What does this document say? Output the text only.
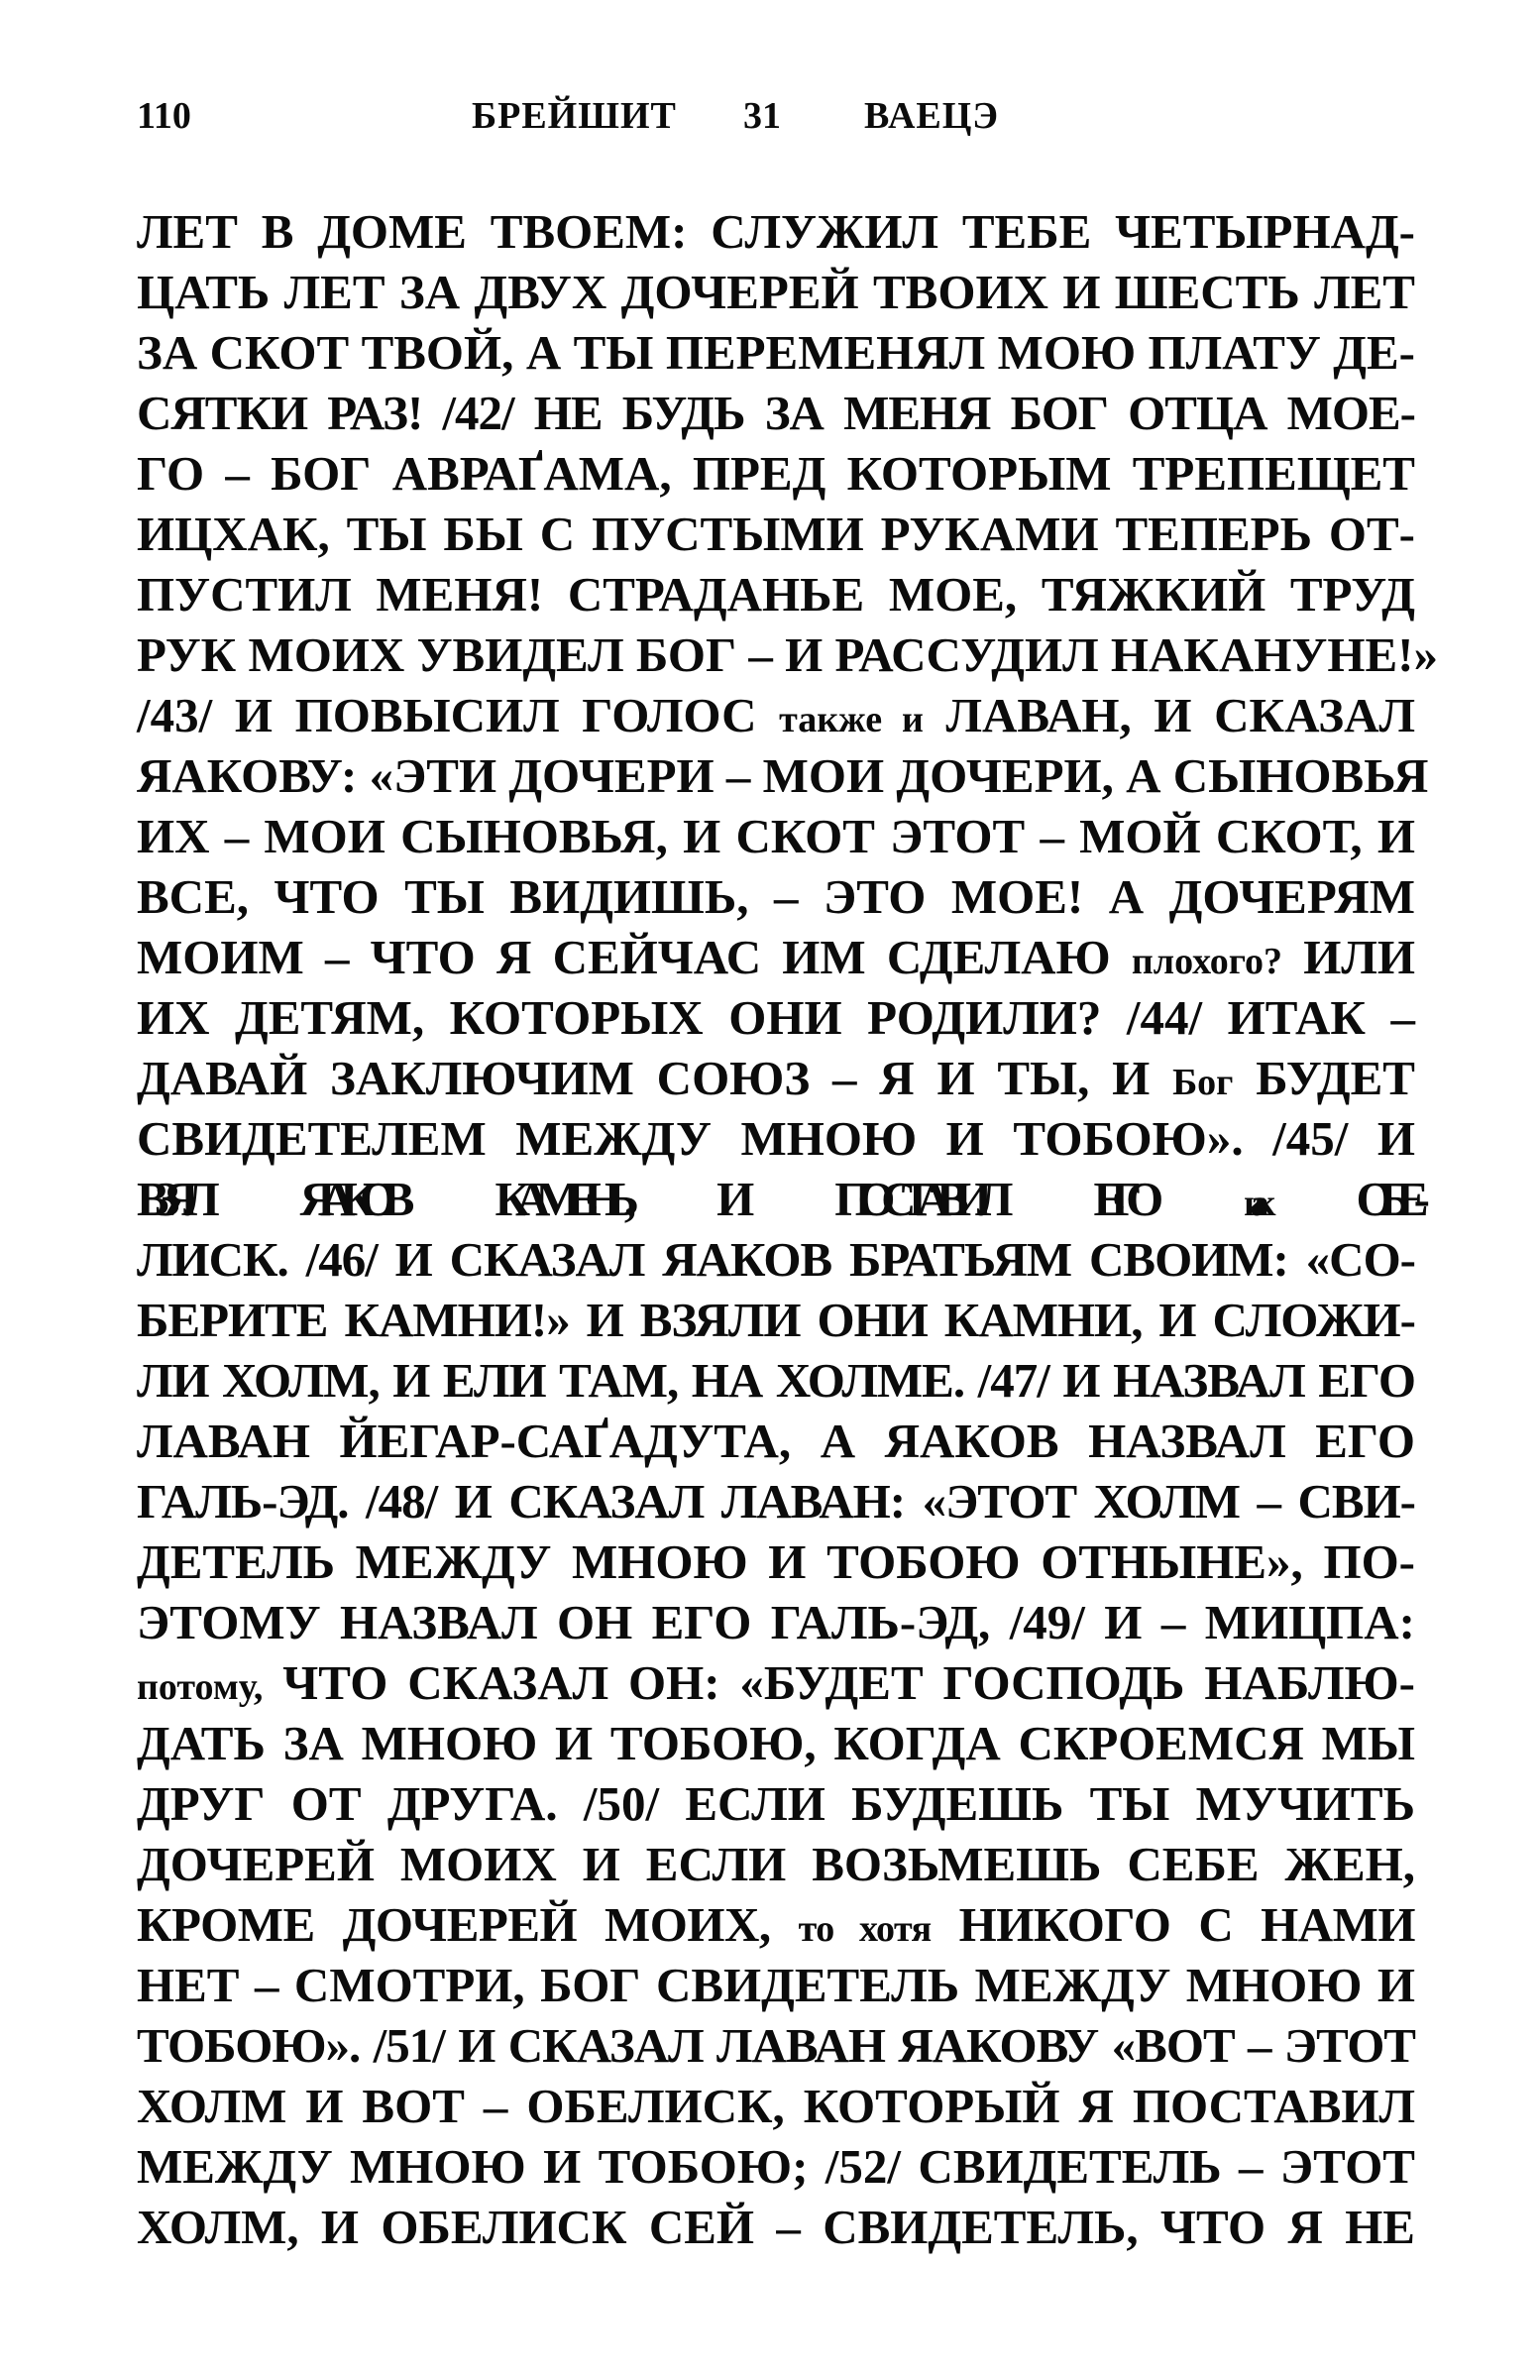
110	БРЕЙШИТ 31 ВАЕЦЭ
ЛЕТ В ДОМЕ ТВОЕМ: СЛУЖИЛ ТЕБЕ ЧЕТЫРНАД-
ЦАТЬ ЛЕТ ЗА ДВУХ ДОЧЕРЕЙ ТВОИХ И ШЕСТЬ ЛЕТ
ЗА СКОТ ТВОЙ, А ТЫ ПЕРЕМЕНЯЛ МОЮ ПЛАТУ ДЕ-
СЯТКИ РАЗ! /42/ НЕ БУДЬ ЗА МЕНЯ БОГ ОТЦА МОЕ-
ГО – БОГ АВРАҐАМА, ПРЕД КОТОРЫМ ТРЕПЕЩЕТ
ИЦХАК, ТЫ БЫ С ПУСТЫМИ РУКАМИ ТЕПЕРЬ ОТ-
ПУСТИЛ МЕНЯ! СТРАДАНЬЕ МОЕ, ТЯЖКИЙ ТРУД
РУК МОИХ УВИДЕЛ БОГ – И РАССУДИЛ НАКАНУНЕ!»
/43/ И ПОВЫСИЛ ГОЛОС также и ЛАВАН, И СКАЗАЛ
ЯАКОВУ: «ЭТИ ДОЧЕРИ – МОИ ДОЧЕРИ, А СЫНОВЬЯ
ИХ – МОИ СЫНОВЬЯ, И СКОТ ЭТОТ – МОЙ СКОТ, И
ВСЕ, ЧТО ТЫ ВИДИШЬ, – ЭТО МОЕ! А ДОЧЕРЯМ
МОИМ – ЧТО Я СЕЙЧАС ИМ СДЕЛАЮ плохого? ИЛИ
ИХ ДЕТЯМ, КОТОРЫХ ОНИ РОДИЛИ? /44/ ИТАК –
ДАВАЙ ЗАКЛЮЧИМ СОЮЗ – Я И ТЫ, И Бог БУДЕТ
СВИДЕТЕЛЕМ МЕЖДУ МНОЮ И ТОБОЮ». /45/ И
ВЗЯЛ ЯАКОВ КАМЕНЬ, И ПОСТАВИЛ ЕГО как ОБЕ-
ЛИСК. /46/ И СКАЗАЛ ЯАКОВ БРАТЬЯМ СВОИМ: «СО-
БЕРИТЕ КАМНИ!» И ВЗЯЛИ ОНИ КАМНИ, И СЛОЖИ-
ЛИ ХОЛМ, И ЕЛИ ТАМ, НА ХОЛМЕ. /47/ И НАЗВАЛ ЕГО
ЛАВАН ЙЕГАР-САҐАДУТА, А ЯАКОВ НАЗВАЛ ЕГО
ГАЛЬ-ЭД. /48/ И СКАЗАЛ ЛАВАН: «ЭТОТ ХОЛМ – СВИ-
ДЕТЕЛЬ МЕЖДУ МНОЮ И ТОБОЮ ОТНЫНЕ», ПО-
ЭТОМУ НАЗВАЛ ОН ЕГО ГАЛЬ-ЭД, /49/ И – МИЦПА:
потому, ЧТО СКАЗАЛ ОН: «БУДЕТ ГОСПОДЬ НАБЛЮ-
ДАТЬ ЗА МНОЮ И ТОБОЮ, КОГДА СКРОЕМСЯ МЫ
ДРУГ ОТ ДРУГА. /50/ ЕСЛИ БУДЕШЬ ТЫ МУЧИТЬ
ДОЧЕРЕЙ МОИХ И ЕСЛИ ВОЗЬМЕШЬ СЕБЕ ЖЕН,
КРОМЕ ДОЧЕРЕЙ МОИХ, то хотя НИКОГО С НАМИ
НЕТ – СМОТРИ, БОГ СВИДЕТЕЛЬ МЕЖДУ МНОЮ И
ТОБОЮ». /51/ И СКАЗАЛ ЛАВАН ЯАКОВУ «ВОТ – ЭТОТ
ХОЛМ И ВОТ – ОБЕЛИСК, КОТОРЫЙ Я ПОСТАВИЛ
МЕЖДУ МНОЮ И ТОБОЮ; /52/ СВИДЕТЕЛЬ – ЭТОТ
ХОЛМ, И ОБЕЛИСК СЕЙ – СВИДЕТЕЛЬ, ЧТО Я НЕ
